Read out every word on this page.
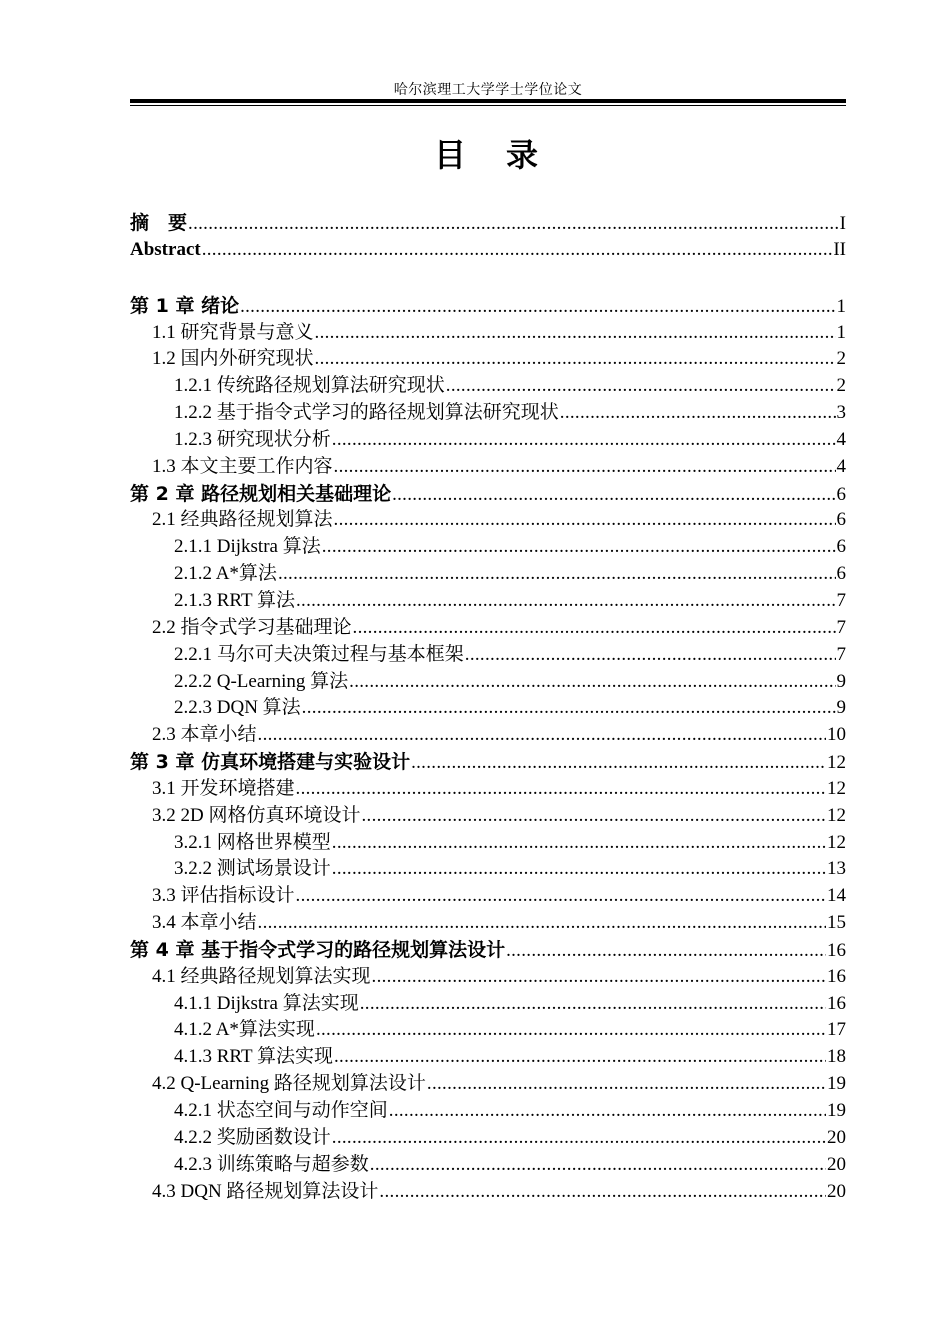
哈尔滨理工大学学士学位论文
目　录
摘　要 .....	I
Abstract .....	II
第 1 章 绪论 .....	1
1.1 研究背景与意义 .....	1
1.2 国内外研究现状 .....	2
1.2.1 传统路径规划算法研究现状 .....	2
1.2.2 基于指令式学习的路径规划算法研究现状 .....	3
1.2.3 研究现状分析 .....	4
1.3 本文主要工作内容 .....	4
第 2 章 路径规划相关基础理论 .....	6
2.1 经典路径规划算法 .....	6
2.1.1 Dijkstra 算法 .....	6
2.1.2 A*算法 .....	6
2.1.3 RRT 算法 .....	7
2.2 指令式学习基础理论 .....	7
2.2.1 马尔可夫决策过程与基本框架 .....	7
2.2.2 Q-Learning 算法 .....	9
2.2.3 DQN 算法 .....	9
2.3 本章小结 .....	10
第 3 章 仿真环境搭建与实验设计 .....	12
3.1 开发环境搭建 .....	12
3.2 2D 网格仿真环境设计 .....	12
3.2.1 网格世界模型 .....	12
3.2.2 测试场景设计 .....	13
3.3 评估指标设计 .....	14
3.4 本章小结 .....	15
第 4 章 基于指令式学习的路径规划算法设计 .....	16
4.1 经典路径规划算法实现 .....	16
4.1.1 Dijkstra 算法实现 .....	16
4.1.2 A*算法实现 .....	17
4.1.3 RRT 算法实现 .....	18
4.2 Q-Learning 路径规划算法设计 .....	19
4.2.1 状态空间与动作空间 .....	19
4.2.2 奖励函数设计 .....	20
4.2.3 训练策略与超参数 .....	20
4.3 DQN 路径规划算法设计 .....	20
